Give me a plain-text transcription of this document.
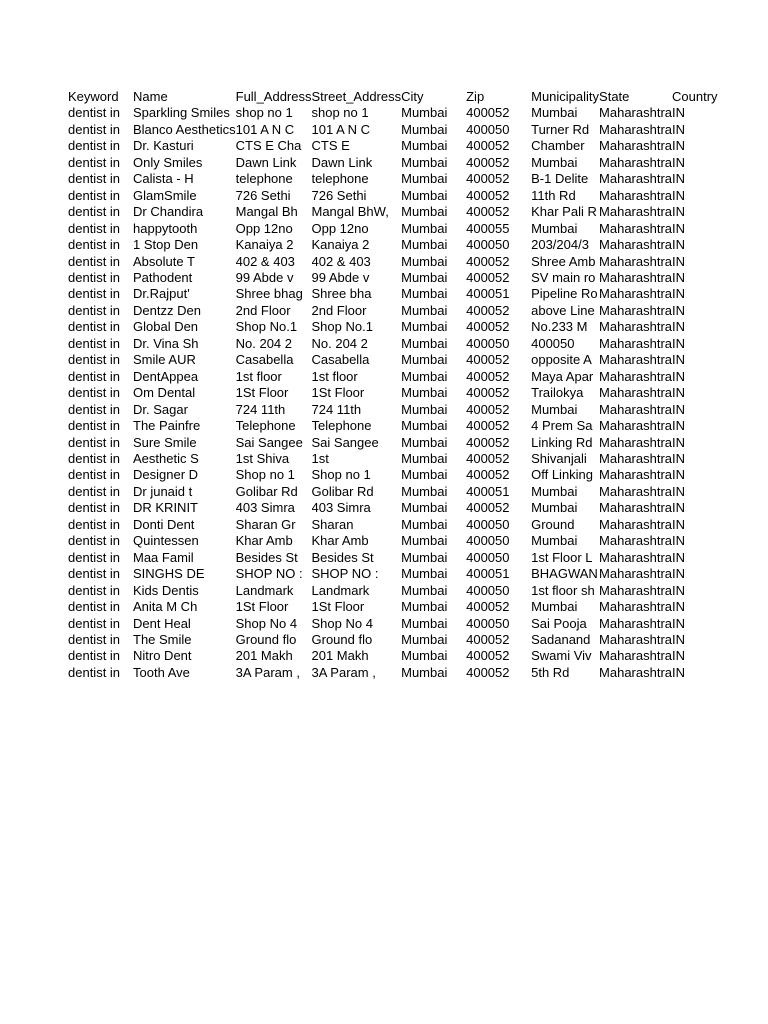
Keyword	Name	Full_Address	Street_Address	City	Zip	Municipality	State	Country
dentist in	Sparkling Smiles	shop no 1	shop no 1	Mumbai	400052	Mumbai	Maharashtra	IN
dentist in	Blanco Aesthetics	101 A N C	101 A N C	Mumbai	400050	Turner Rd	Maharashtra	IN
dentist in	Dr. Kasturi	CTS E Cha	CTS E	Mumbai	400052	Chamber	Maharashtra	IN
dentist in	Only Smiles	Dawn Link	Dawn Link	Mumbai	400052	Mumbai	Maharashtra	IN
dentist in	Calista - H	telephone	telephone	Mumbai	400052	B-1 Delite	Maharashtra	IN
dentist in	GlamSmile	726 Sethi	726 Sethi	Mumbai	400052	11th Rd	Maharashtra	IN
dentist in	Dr Chandira	Mangal Bh	Mangal BhW,	Mumbai	400052	Khar Pali R	Maharashtra	IN
dentist in	happytooth	Opp 12no	Opp 12no	Mumbai	400055	Mumbai	Maharashtra	IN
dentist in	1 Stop Den	Kanaiya 2	Kanaiya 2	Mumbai	400050	203/204/3	Maharashtra	IN
dentist in	Absolute T	402 & 403	402 & 403	Mumbai	400052	Shree Amb	Maharashtra	IN
dentist in	Pathodent	99 Abde v	99 Abde v	Mumbai	400052	SV main ro	Maharashtra	IN
dentist in	Dr.Rajput'	Shree bhag	Shree bha	Mumbai	400051	Pipeline Ro	Maharashtra	IN
dentist in	Dentzz Den	2nd Floor	2nd Floor	Mumbai	400052	above Line	Maharashtra	IN
dentist in	Global Den	Shop No.1	Shop No.1	Mumbai	400052	No.233 M	Maharashtra	IN
dentist in	Dr. Vina Sh	No. 204 2	No. 204 2	Mumbai	400050	400050	Maharashtra	IN
dentist in	Smile AUR	Casabella	Casabella	Mumbai	400052	opposite A	Maharashtra	IN
dentist in	DentAppea	1st floor	1st floor	Mumbai	400052	Maya Apar	Maharashtra	IN
dentist in	Om Dental	1St Floor	1St Floor	Mumbai	400052	Trailokya	Maharashtra	IN
dentist in	Dr. Sagar	724 11th	724 11th	Mumbai	400052	Mumbai	Maharashtra	IN
dentist in	The Painfre	Telephone	Telephone	Mumbai	400052	4 Prem Sa	Maharashtra	IN
dentist in	Sure Smile	Sai Sangee	Sai Sangee	Mumbai	400052	Linking Rd	Maharashtra	IN
dentist in	Aesthetic S	1st Shiva	1st	Mumbai	400052	Shivanjali	Maharashtra	IN
dentist in	Designer D	Shop no 1	Shop no 1	Mumbai	400052	Off Linking	Maharashtra	IN
dentist in	Dr junaid t	Golibar Rd	Golibar Rd	Mumbai	400051	Mumbai	Maharashtra	IN
dentist in	DR KRINIT	403 Simra	403 Simra	Mumbai	400052	Mumbai	Maharashtra	IN
dentist in	Donti Dent	Sharan Gr	Sharan	Mumbai	400050	Ground	Maharashtra	IN
dentist in	Quintessen	Khar Amb	Khar Amb	Mumbai	400050	Mumbai	Maharashtra	IN
dentist in	Maa Famil	Besides St	Besides St	Mumbai	400050	1st Floor L	Maharashtra	IN
dentist in	SINGHS DE	SHOP NO :	SHOP NO :	Mumbai	400051	BHAGWAN	Maharashtra	IN
dentist in	Kids Dentis	Landmark	Landmark	Mumbai	400050	1st floor sh	Maharashtra	IN
dentist in	Anita M Ch	1St Floor	1St Floor	Mumbai	400052	Mumbai	Maharashtra	IN
dentist in	Dent Heal	Shop No 4	Shop No 4	Mumbai	400050	Sai Pooja	Maharashtra	IN
dentist in	The Smile	Ground flo	Ground flo	Mumbai	400052	Sadanand	Maharashtra	IN
dentist in	Nitro Dent	201 Makh	201 Makh	Mumbai	400052	Swami Viv	Maharashtra	IN
dentist in	Tooth Ave	3A Param ,	3A Param ,	Mumbai	400052	5th Rd	Maharashtra	IN
